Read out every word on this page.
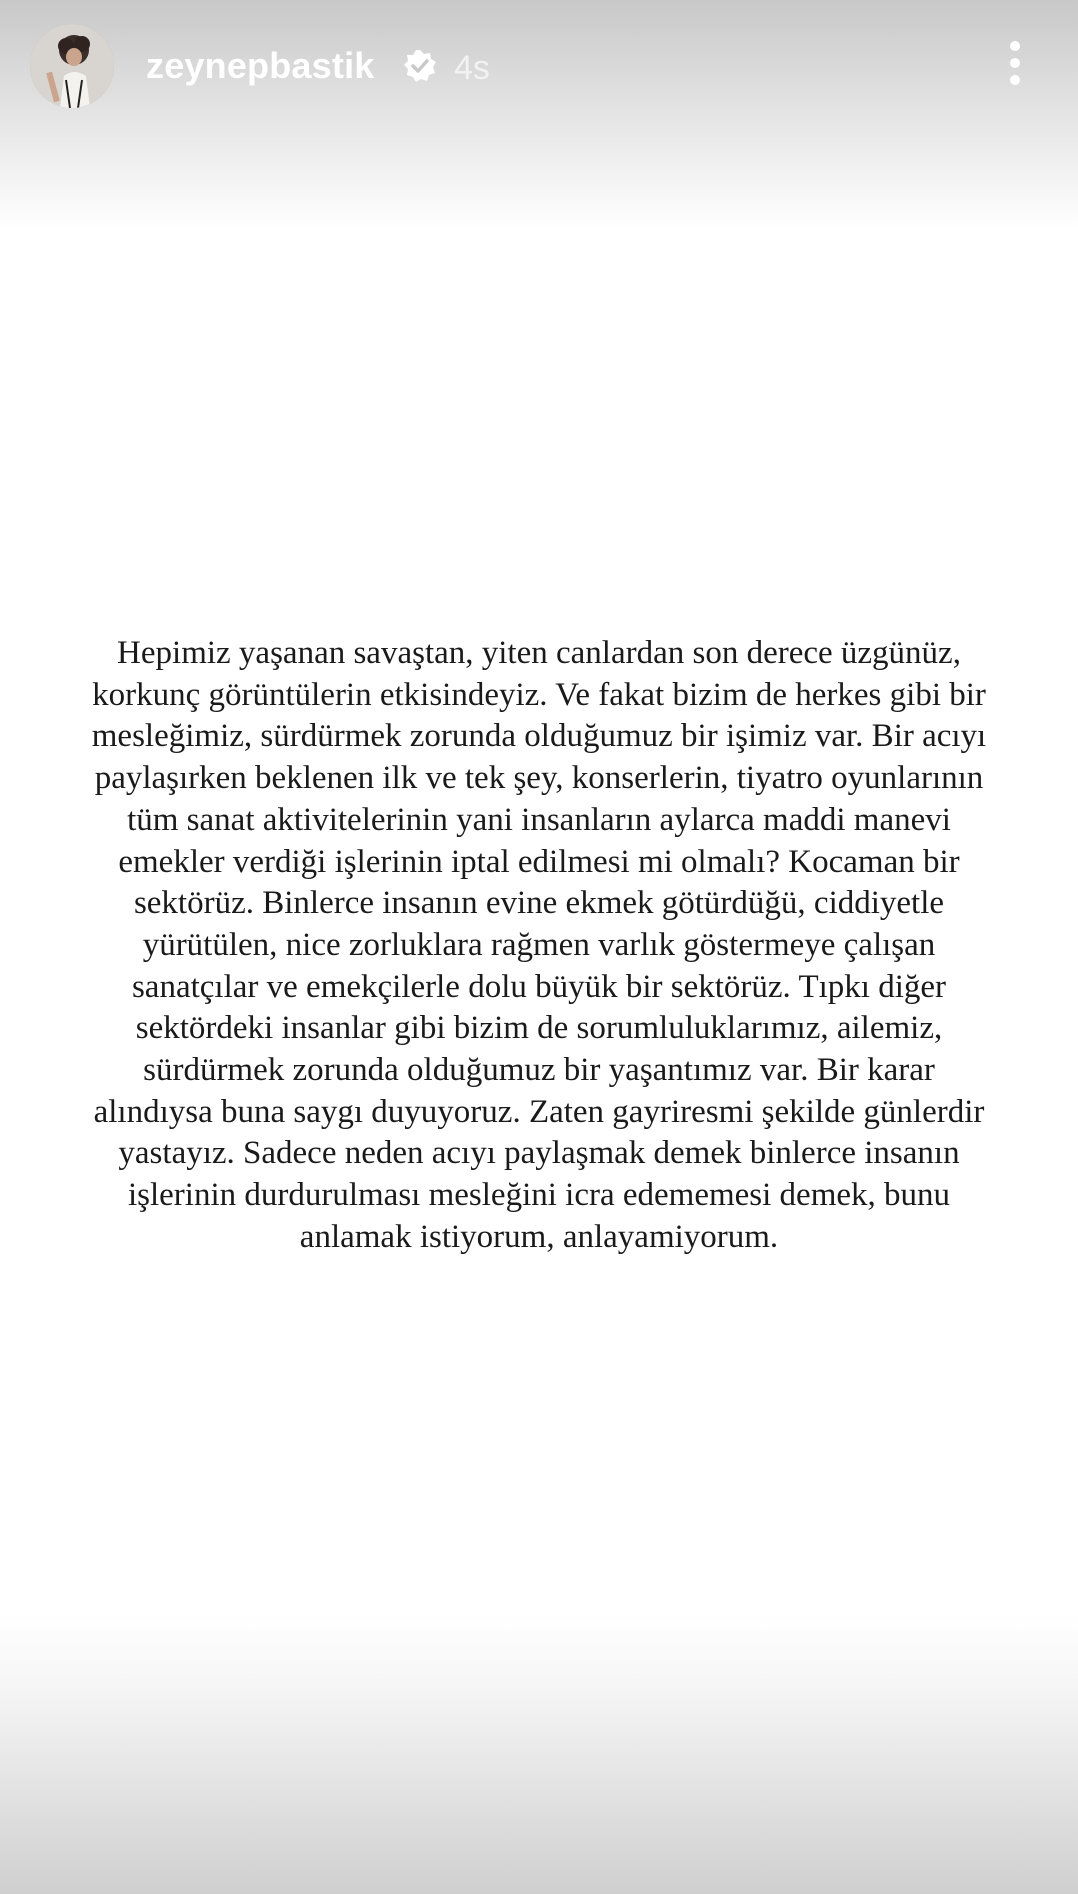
zeynepbastik 4s
Hepimiz yaşanan savaştan, yiten canlardan son derece üzgünüz,
korkunç görüntülerin etkisindeyiz. Ve fakat bizim de herkes gibi bir
mesleğimiz, sürdürmek zorunda olduğumuz bir işimiz var. Bir acıyı
paylaşırken beklenen ilk ve tek şey, konserlerin, tiyatro oyunlarının
tüm sanat aktivitelerinin yani insanların aylarca maddi manevi
emekler verdiği işlerinin iptal edilmesi mi olmalı? Kocaman bir
sektörüz. Binlerce insanın evine ekmek götürdüğü, ciddiyetle
yürütülen, nice zorluklara rağmen varlık göstermeye çalışan
sanatçılar ve emekçilerle dolu büyük bir sektörüz. Tıpkı diğer
sektördeki insanlar gibi bizim de sorumluluklarımız, ailemiz,
sürdürmek zorunda olduğumuz bir yaşantımız var. Bir karar
alındıysa buna saygı duyuyoruz. Zaten gayriresmi şekilde günlerdir
yastayız. Sadece neden acıyı paylaşmak demek binlerce insanın
işlerinin durdurulması mesleğini icra edememesi demek, bunu
anlamak istiyorum, anlayamiyorum.
